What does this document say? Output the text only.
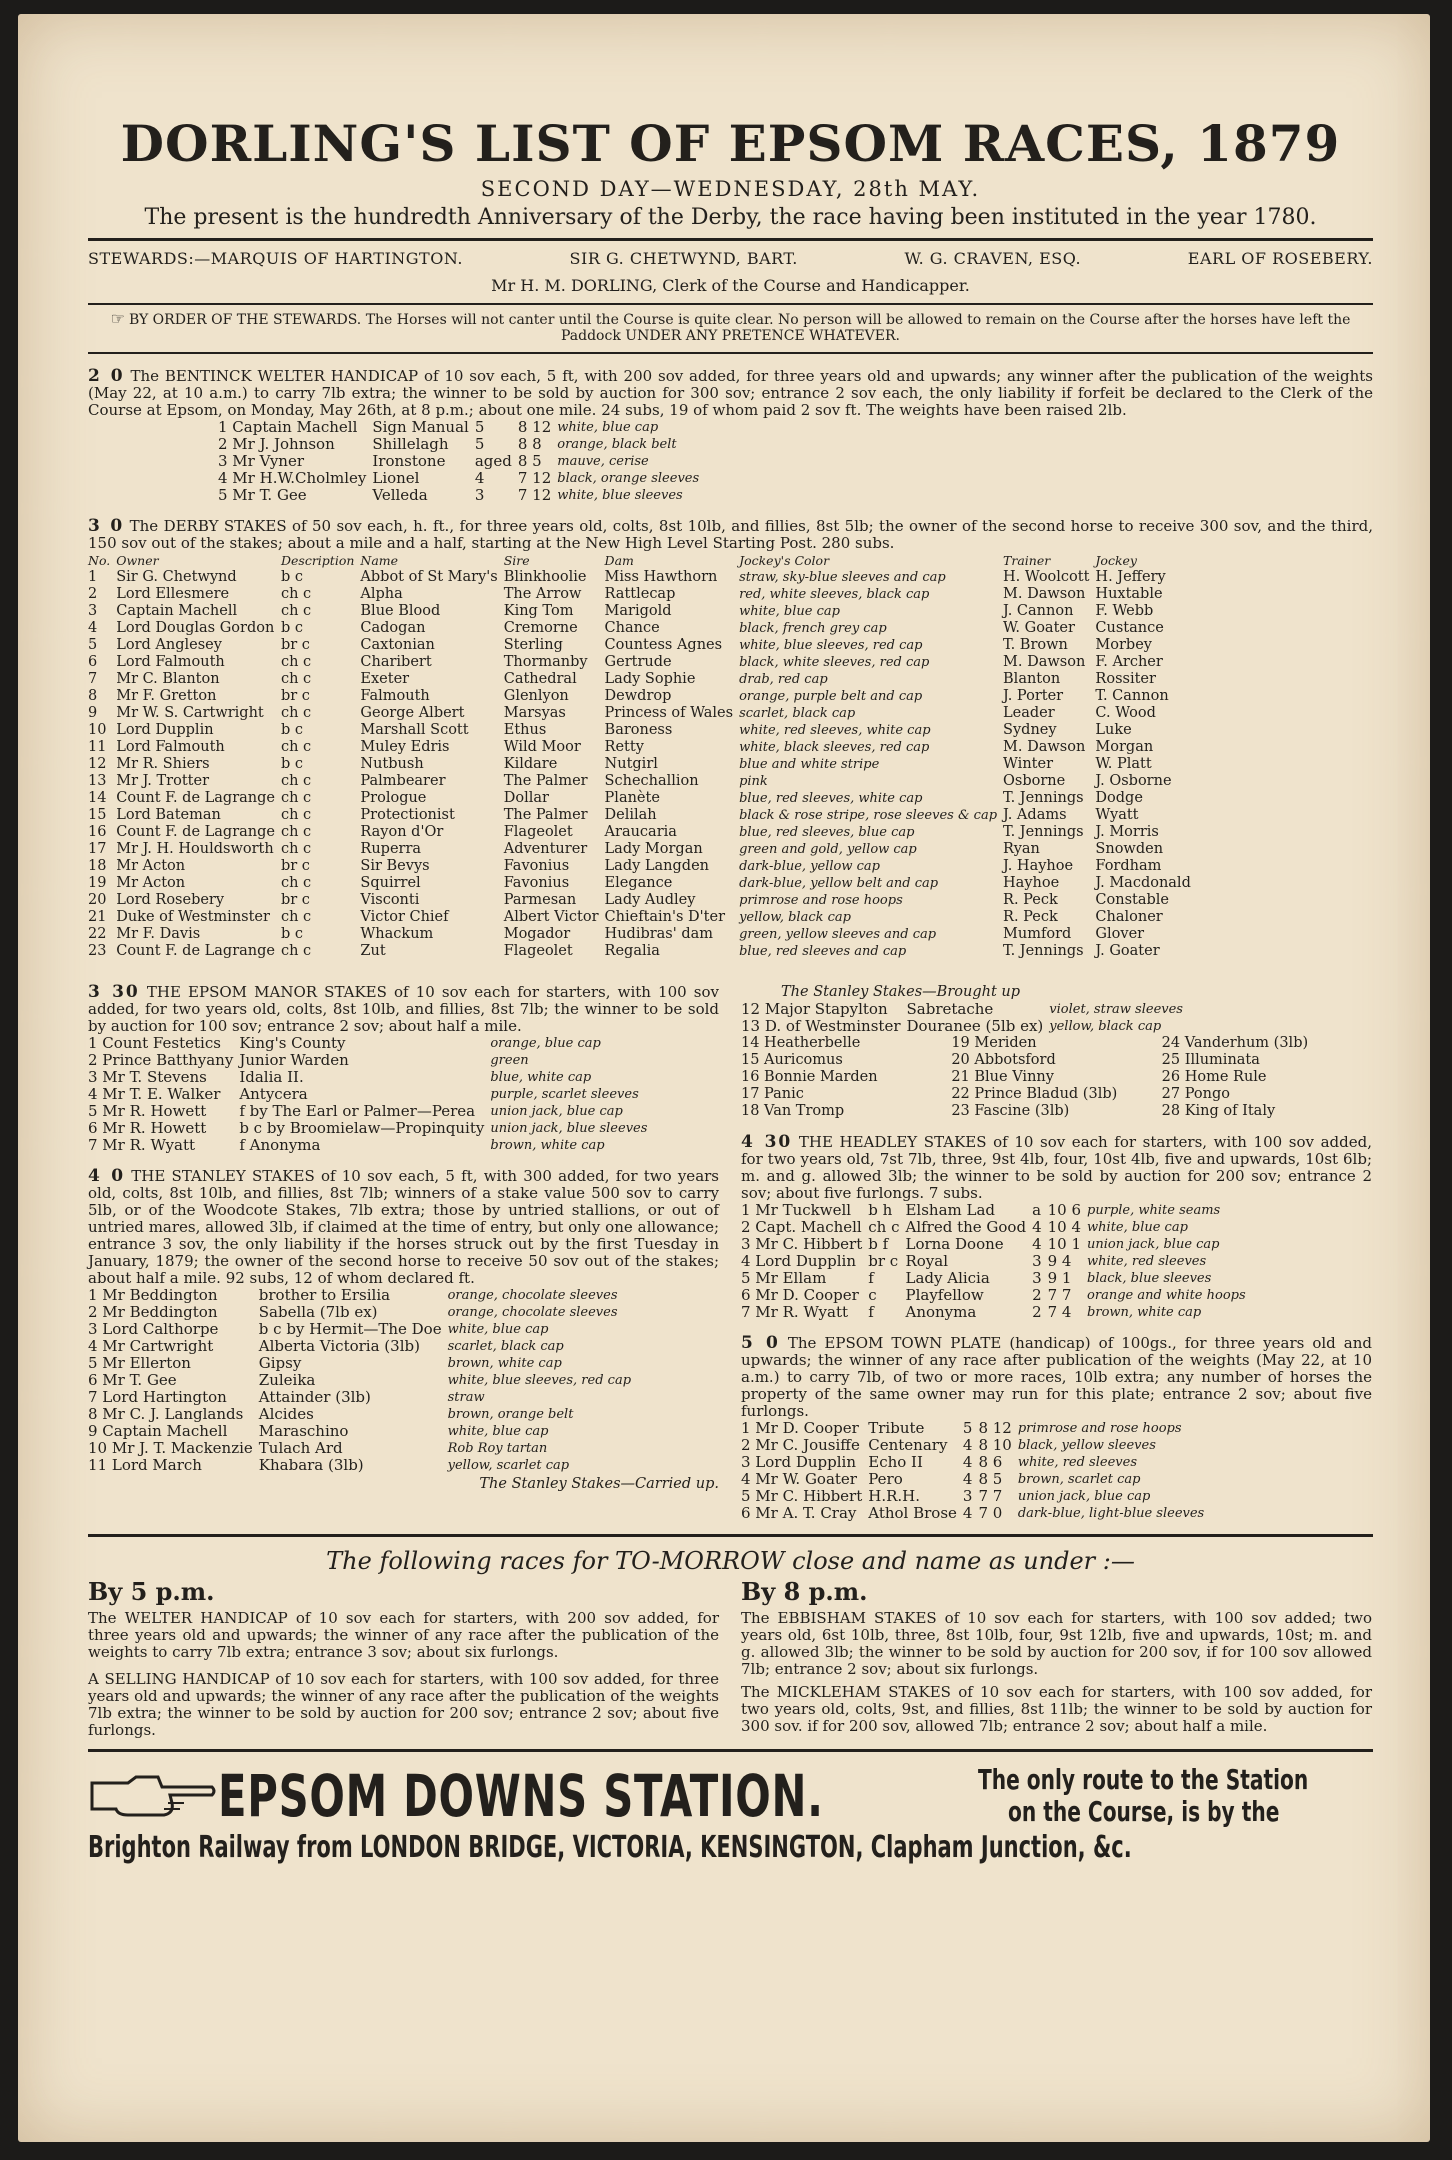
DORLING'S LIST OF EPSOM RACES, 1879
SECOND DAY—WEDNESDAY, 28th MAY.
The present is the hundredth Anniversary of the Derby, the race having been instituted in the year 1780.
STEWARDS:—MARQUIS OF HARTINGTON.	SIR G. CHETWYND, BART.	W. G. CRAVEN, ESQ.	EARL OF ROSEBERY.
Mr H. M. DORLING, Clerk of the Course and Handicapper.
☞ BY ORDER OF THE STEWARDS. The Horses will not canter until the Course is quite clear. No person will be allowed to remain on the Course after the horses have left the Paddock UNDER ANY PRETENCE WHATEVER.
2 0 The BENTINCK WELTER HANDICAP of 10 sov each, 5 ft, with 200 sov added, for three years old and upwards; any winner after the publication of the weights (May 22, at 10 a.m.) to carry 7lb extra; the winner to be sold by auction for 300 sov; entrance 2 sov each, the only liability if forfeit be declared to the Clerk of the Course at Epsom, on Monday, May 26th, at 8 p.m.; about one mile. 24 subs, 19 of whom paid 2 sov ft. The weights have been raised 2lb.
1 Captain Machell	Sign Manual	5	8 12	white, blue cap
2 Mr J. Johnson	Shillelagh	5	8 8	orange, black belt
3 Mr Vyner	Ironstone	aged	8 5	mauve, cerise
4 Mr H.W.Cholmley	Lionel	4	7 12	black, orange sleeves
5 Mr T. Gee	Velleda	3	7 12	white, blue sleeves
3 0 The DERBY STAKES of 50 sov each, h. ft., for three years old, colts, 8st 10lb, and fillies, 8st 5lb; the owner of the second horse to receive 300 sov, and the third, 150 sov out of the stakes; about a mile and a half, starting at the New High Level Starting Post. 280 subs.
No.	Owner	Description	Name	Sire	Dam	Jockey's Color	Trainer	Jockey
1	Sir G. Chetwynd	b c	Abbot of St Mary's	Blinkhoolie	Miss Hawthorn	straw, sky-blue sleeves and cap	H. Woolcott	H. Jeffery
2	Lord Ellesmere	ch c	Alpha	The Arrow	Rattlecap	red, white sleeves, black cap	M. Dawson	Huxtable
3	Captain Machell	ch c	Blue Blood	King Tom	Marigold	white, blue cap	J. Cannon	F. Webb
4	Lord Douglas Gordon	b c	Cadogan	Cremorne	Chance	black, french grey cap	W. Goater	Custance
5	Lord Anglesey	br c	Caxtonian	Sterling	Countess Agnes	white, blue sleeves, red cap	T. Brown	Morbey
6	Lord Falmouth	ch c	Charibert	Thormanby	Gertrude	black, white sleeves, red cap	M. Dawson	F. Archer
7	Mr C. Blanton	ch c	Exeter	Cathedral	Lady Sophie	drab, red cap	Blanton	Rossiter
8	Mr F. Gretton	br c	Falmouth	Glenlyon	Dewdrop	orange, purple belt and cap	J. Porter	T. Cannon
9	Mr W. S. Cartwright	ch c	George Albert	Marsyas	Princess of Wales	scarlet, black cap	Leader	C. Wood
10	Lord Dupplin	b c	Marshall Scott	Ethus	Baroness	white, red sleeves, white cap	Sydney	Luke
11	Lord Falmouth	ch c	Muley Edris	Wild Moor	Retty	white, black sleeves, red cap	M. Dawson	Morgan
12	Mr R. Shiers	b c	Nutbush	Kildare	Nutgirl	blue and white stripe	Winter	W. Platt
13	Mr J. Trotter	ch c	Palmbearer	The Palmer	Schechallion	pink	Osborne	J. Osborne
14	Count F. de Lagrange	ch c	Prologue	Dollar	Planète	blue, red sleeves, white cap	T. Jennings	Dodge
15	Lord Bateman	ch c	Protectionist	The Palmer	Delilah	black & rose stripe, rose sleeves & cap	J. Adams	Wyatt
16	Count F. de Lagrange	ch c	Rayon d'Or	Flageolet	Araucaria	blue, red sleeves, blue cap	T. Jennings	J. Morris
17	Mr J. H. Houldsworth	ch c	Ruperra	Adventurer	Lady Morgan	green and gold, yellow cap	Ryan	Snowden
18	Mr Acton	br c	Sir Bevys	Favonius	Lady Langden	dark-blue, yellow cap	J. Hayhoe	Fordham
19	Mr Acton	ch c	Squirrel	Favonius	Elegance	dark-blue, yellow belt and cap	Hayhoe	J. Macdonald
20	Lord Rosebery	br c	Visconti	Parmesan	Lady Audley	primrose and rose hoops	R. Peck	Constable
21	Duke of Westminster	ch c	Victor Chief	Albert Victor	Chieftain's D'ter	yellow, black cap	R. Peck	Chaloner
22	Mr F. Davis	b c	Whackum	Mogador	Hudibras' dam	green, yellow sleeves and cap	Mumford	Glover
23	Count F. de Lagrange	ch c	Zut	Flageolet	Regalia	blue, red sleeves and cap	T. Jennings	J. Goater
3 30 THE EPSOM MANOR STAKES of 10 sov each for starters, with 100 sov added, for two years old, colts, 8st 10lb, and fillies, 8st 7lb; the winner to be sold by auction for 100 sov; entrance 2 sov; about half a mile.
1 Count Festetics	King's County	orange, blue cap
2 Prince Batthyany	Junior Warden	green
3 Mr T. Stevens	Idalia II.	blue, white cap
4 Mr T. E. Walker	Antycera	purple, scarlet sleeves
5 Mr R. Howett	f by The Earl or Palmer—Perea	union jack, blue cap
6 Mr R. Howett	b c by Broomielaw—Propinquity	union jack, blue sleeves
7 Mr R. Wyatt	f Anonyma	brown, white cap
4 0 THE STANLEY STAKES of 10 sov each, 5 ft, with 300 added, for two years old, colts, 8st 10lb, and fillies, 8st 7lb; winners of a stake value 500 sov to carry 5lb, or of the Woodcote Stakes, 7lb extra; those by untried stallions, or out of untried mares, allowed 3lb, if claimed at the time of entry, but only one allowance; entrance 3 sov, the only liability if the horses struck out by the first Tuesday in January, 1879; the owner of the second horse to receive 50 sov out of the stakes; about half a mile. 92 subs, 12 of whom declared ft.
1 Mr Beddington	brother to Ersilia	orange, chocolate sleeves
2 Mr Beddington	Sabella (7lb ex)	orange, chocolate sleeves
3 Lord Calthorpe	b c by Hermit—The Doe	white, blue cap
4 Mr Cartwright	Alberta Victoria (3lb)	scarlet, black cap
5 Mr Ellerton	Gipsy	brown, white cap
6 Mr T. Gee	Zuleika	white, blue sleeves, red cap
7 Lord Hartington	Attainder (3lb)	straw
8 Mr C. J. Langlands	Alcides	brown, orange belt
9 Captain Machell	Maraschino	white, blue cap
10 Mr J. T. Mackenzie	Tulach Ard	Rob Roy tartan
11 Lord March	Khabara (3lb)	yellow, scarlet cap
The Stanley Stakes—Carried up.
The Stanley Stakes—Brought up
12 Major Stapylton	Sabretache	violet, straw sleeves
13 D. of Westminster	Douranee (5lb ex)	yellow, black cap
14 Heatherbelle	19 Meriden	24 Vanderhum (3lb)
15 Auricomus	20 Abbotsford	25 Illuminata
16 Bonnie Marden	21 Blue Vinny	26 Home Rule
17 Panic	22 Prince Bladud (3lb)	27 Pongo
18 Van Tromp	23 Fascine (3lb)	28 King of Italy
4 30 THE HEADLEY STAKES of 10 sov each for starters, with 100 sov added, for two years old, 7st 7lb, three, 9st 4lb, four, 10st 4lb, five and upwards, 10st 6lb; m. and g. allowed 3lb; the winner to be sold by auction for 200 sov; entrance 2 sov; about five furlongs. 7 subs.
1 Mr Tuckwell	b h	Elsham Lad	a	10 6	purple, white seams
2 Capt. Machell	ch c	Alfred the Good	4	10 4	white, blue cap
3 Mr C. Hibbert	b f	Lorna Doone	4	10 1	union jack, blue cap
4 Lord Dupplin	br c	Royal	3	9 4	white, red sleeves
5 Mr Ellam	f	Lady Alicia	3	9 1	black, blue sleeves
6 Mr D. Cooper	c	Playfellow	2	7 7	orange and white hoops
7 Mr R. Wyatt	f	Anonyma	2	7 4	brown, white cap
5 0 The EPSOM TOWN PLATE (handicap) of 100gs., for three years old and upwards; the winner of any race after publication of the weights (May 22, at 10 a.m.) to carry 7lb, of two or more races, 10lb extra; any number of horses the property of the same owner may run for this plate; entrance 2 sov; about five furlongs.
1 Mr D. Cooper	Tribute	5	8 12	primrose and rose hoops
2 Mr C. Jousiffe	Centenary	4	8 10	black, yellow sleeves
3 Lord Dupplin	Echo II	4	8 6	white, red sleeves
4 Mr W. Goater	Pero	4	8 5	brown, scarlet cap
5 Mr C. Hibbert	H.R.H.	3	7 7	union jack, blue cap
6 Mr A. T. Cray	Athol Brose	4	7 0	dark-blue, light-blue sleeves
The following races for TO-MORROW close and name as under :—
By 5 p.m.
The WELTER HANDICAP of 10 sov each for starters, with 200 sov added, for three years old and upwards; the winner of any race after the publication of the weights to carry 7lb extra; entrance 3 sov; about six furlongs.
A SELLING HANDICAP of 10 sov each for starters, with 100 sov added, for three years old and upwards; the winner of any race after the publication of the weights 7lb extra; the winner to be sold by auction for 200 sov; entrance 2 sov; about five furlongs.
By 8 p.m.
The EBBISHAM STAKES of 10 sov each for starters, with 100 sov added; two years old, 6st 10lb, three, 8st 10lb, four, 9st 12lb, five and upwards, 10st; m. and g. allowed 3lb; the winner to be sold by auction for 200 sov, if for 100 sov allowed 7lb; entrance 2 sov; about six furlongs.
The MICKLEHAM STAKES of 10 sov each for starters, with 100 sov added, for two years old, colts, 9st, and fillies, 8st 11lb; the winner to be sold by auction for 300 sov. if for 200 sov, allowed 7lb; entrance 2 sov; about half a mile.
EPSOM DOWNS STATION.	The only route to the Station
on the Course, is by the
Brighton Railway from LONDON BRIDGE, VICTORIA, KENSINGTON, Clapham Junction, &c.
